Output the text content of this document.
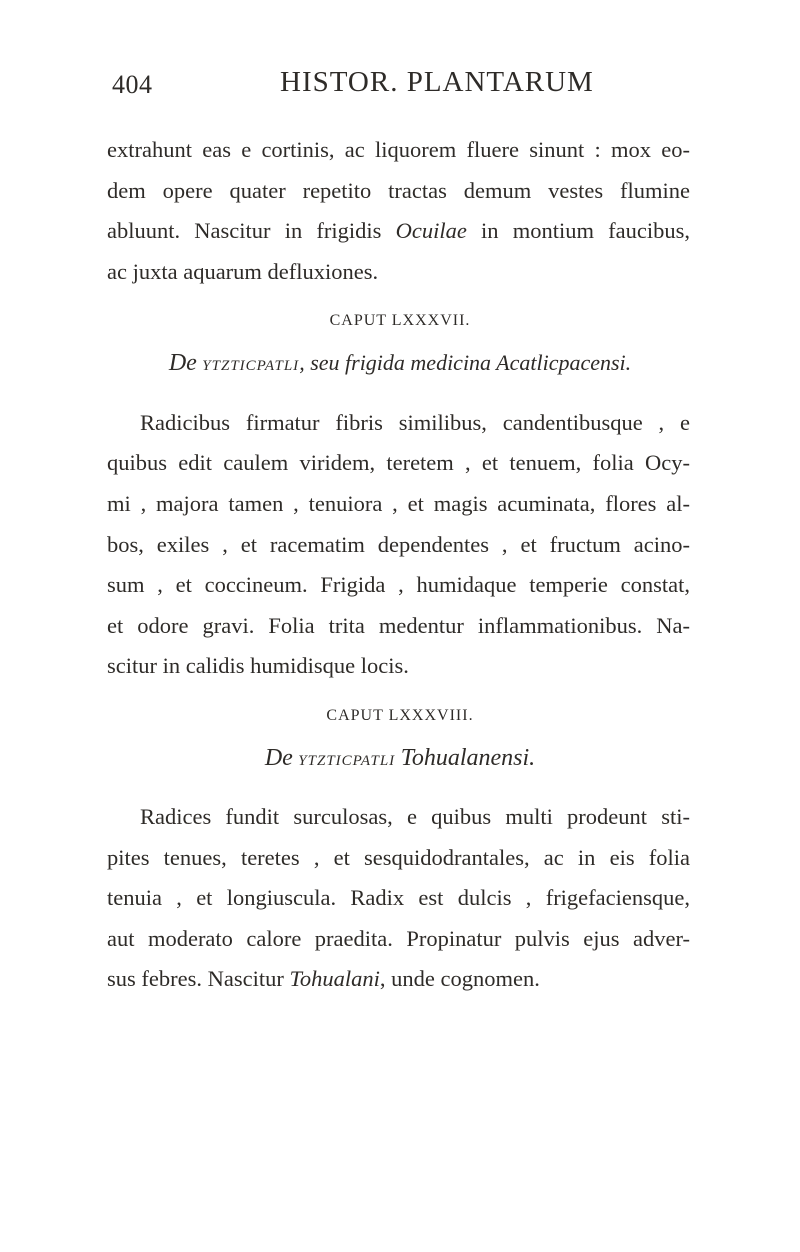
404	HISTOR. PLANTARUM
extrahunt eas e cortinis, ac liquorem fluere sinunt : mox eo-
dem opere quater repetito tractas demum vestes flumine
abluunt. Nascitur in frigidis Ocuilae in montium faucibus,
ac juxta aquarum defluxiones.
CAPUT LXXXVII.
De YTZTICPATLI, seu frigida medicina Acatlicpacensi.
Radicibus firmatur fibris similibus, candentibusque , e
quibus edit caulem viridem, teretem , et tenuem, folia Ocy-
mi , majora tamen , tenuiora , et magis acuminata, flores al-
bos, exiles , et racematim dependentes , et fructum acino-
sum , et coccineum. Frigida , humidaque temperie constat,
et odore gravi. Folia trita medentur inflammationibus. Na-
scitur in calidis humidisque locis.
CAPUT LXXXVIII.
De YTZTICPATLI Tohualanensi.
Radices fundit surculosas, e quibus multi prodeunt sti-
pites tenues, teretes , et sesquidodrantales, ac in eis folia
tenuia , et longiuscula. Radix est dulcis , frigefaciensque,
aut moderato calore praedita. Propinatur pulvis ejus adver-
sus febres. Nascitur Tohualani, unde cognomen.
